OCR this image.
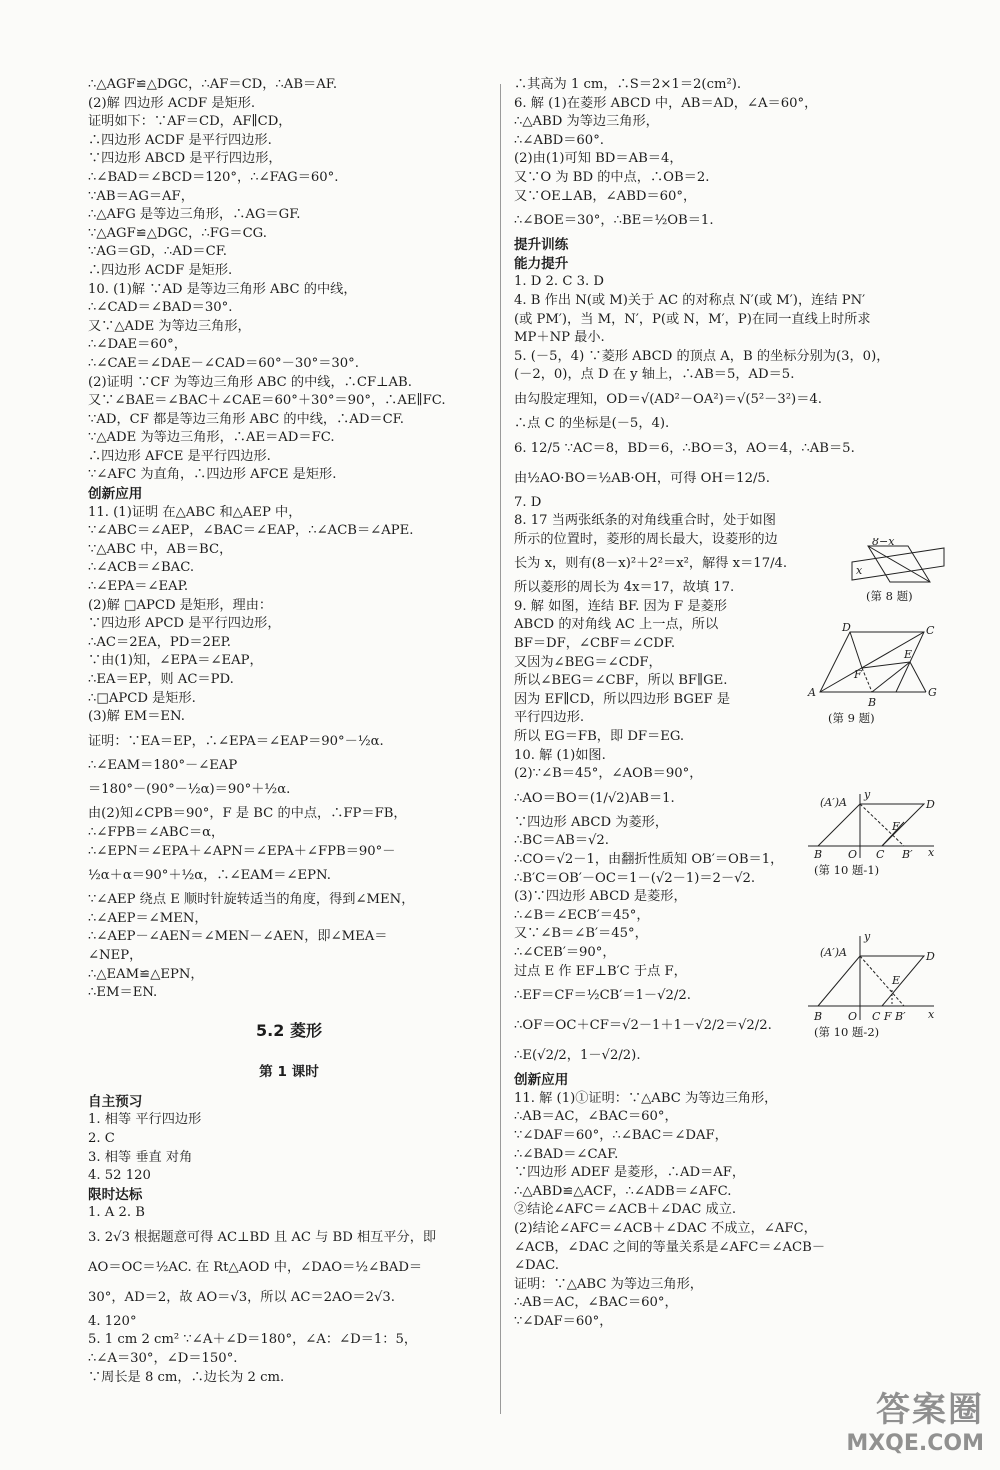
∴△AGF≌△DGC，∴AF＝CD，∴AB＝AF.
(2)解 四边形 ACDF 是矩形.
证明如下：∵AF＝CD，AF∥CD，
∴四边形 ACDF 是平行四边形.
∵四边形 ABCD 是平行四边形，
∴∠BAD＝∠BCD＝120°，∴∠FAG＝60°.
∵AB＝AG＝AF，
∴△AFG 是等边三角形，∴AG＝GF.
∵△AGF≌△DGC，∴FG＝CG.
∵AG＝GD，∴AD＝CF.
∴四边形 ACDF 是矩形.
10. (1)解 ∵AD 是等边三角形 ABC 的中线，
∴∠CAD＝∠BAD＝30°.
又∵△ADE 为等边三角形，
∴∠DAE＝60°，
∴∠CAE＝∠DAE－∠CAD＝60°－30°＝30°.
(2)证明 ∵CF 为等边三角形 ABC 的中线，∴CF⊥AB.
又∵∠BAE＝∠BAC＋∠CAE＝60°＋30°＝90°，∴AE∥FC.
∵AD，CF 都是等边三角形 ABC 的中线，∴AD＝CF.
∵△ADE 为等边三角形，∴AE＝AD＝FC.
∴四边形 AFCE 是平行四边形.
∵∠AFC 为直角，∴四边形 AFCE 是矩形.
创新应用
11. (1)证明 在△ABC 和△AEP 中，
∵∠ABC＝∠AEP，∠BAC＝∠EAP，∴∠ACB＝∠APE.
∵△ABC 中，AB＝BC，
∴∠ACB＝∠BAC.
∴∠EPA＝∠EAP.
(2)解 □APCD 是矩形，理由：
∵四边形 APCD 是平行四边形，
∴AC＝2EA，PD＝2EP.
∵由(1)知，∠EPA＝∠EAP，
∴EA＝EP，则 AC＝PD.
∴□APCD 是矩形.
(3)解 EM＝EN.
证明：∵EA＝EP，∴∠EPA＝∠EAP＝90°－½α.
∴∠EAM＝180°－∠EAP
＝180°－(90°－½α)＝90°＋½α.
由(2)知∠CPB＝90°，F 是 BC 的中点，∴FP＝FB，
∴∠FPB＝∠ABC＝α，
∴∠EPN＝∠EPA＋∠APN＝∠EPA＋∠FPB＝90°－
½α＋α＝90°＋½α，∴∠EAM＝∠EPN.
∵∠AEP 绕点 E 顺时针旋转适当的角度，得到∠MEN，
∴∠AEP＝∠MEN，
∴∠AEP－∠AEN＝∠MEN－∠AEN，即∠MEA＝
∠NEP，
∴△EAM≌△EPN，
∴EM＝EN.
5.2 菱形
第 1 课时
自主预习
1. 相等 平行四边形
2. C
3. 相等 垂直 对角
4. 52 120
限时达标
1. A 2. B
3. 2√3 根据题意可得 AC⊥BD 且 AC 与 BD 相互平分，即
AO＝OC＝½AC. 在 Rt△AOD 中，∠DAO＝½∠BAD＝
30°，AD＝2，故 AO＝√3，所以 AC＝2AO＝2√3.
4. 120°
5. 1 cm 2 cm² ∵∠A＋∠D＝180°，∠A：∠D＝1：5，
∴∠A＝30°，∠D＝150°.
∵周长是 8 cm，∴边长为 2 cm.
∴其高为 1 cm，∴S＝2×1＝2(cm²).
6. 解 (1)在菱形 ABCD 中，AB＝AD，∠A＝60°，
∴△ABD 为等边三角形，
∴∠ABD＝60°.
(2)由(1)可知 BD＝AB＝4，
又∵O 为 BD 的中点，∴OB＝2.
又∵OE⊥AB，∠ABD＝60°，
∴∠BOE＝30°，∴BE＝½OB＝1.
提升训练
能力提升
1. D 2. C 3. D
4. B 作出 N(或 M)关于 AC 的对称点 N′(或 M′)，连结 PN′
(或 PM′)，当 M，N′，P(或 N，M′，P)在同一直线上时所求
MP＋NP 最小.
5. (－5，4) ∵菱形 ABCD 的顶点 A，B 的坐标分别为(3，0)，
(－2，0)，点 D 在 y 轴上，∴AB＝5，AD＝5.
由勾股定理知，OD＝√(AD²－OA²)＝√(5²－3²)＝4.
∴点 C 的坐标是(－5，4).
6. 12/5 ∵AC＝8，BD＝6，∴BO＝3，AO＝4，∴AB＝5.
由½AO·BO＝½AB·OH，可得 OH＝12/5.
7. D
8. 17 当两张纸条的对角线重合时，处于如图
所示的位置时，菱形的周长最大，设菱形的边
长为 x，则有(8－x)²＋2²＝x²，解得 x＝17/4.
所以菱形的周长为 4x＝17，故填 17.
9. 解 如图，连结 BF. 因为 F 是菱形
ABCD 的对角线 AC 上一点，所以
BF＝DF，∠CBF＝∠CDF.
又因为∠BEG＝∠CDF，
所以∠BEG＝∠CBF，所以 BF∥GE.
因为 EF∥CD，所以四边形 BGEF 是
平行四边形.
所以 EG＝FB，即 DF＝EG.
10. 解 (1)如图.
(2)∵∠B＝45°，∠AOB＝90°，
∴AO＝BO＝(1/√2)AB＝1.
∵四边形 ABCD 为菱形，
∴BC＝AB＝√2.
∴CO＝√2－1，由翻折性质知 OB′＝OB＝1，
∴B′C＝OB′－OC＝1－(√2－1)＝2－√2.
(3)∵四边形 ABCD 是菱形，
∴∠B＝∠ECB′＝45°，
又∵∠B＝∠B′＝45°，
∴∠CEB′＝90°，
过点 E 作 EF⊥B′C 于点 F，
∴EF＝CF＝½CB′＝1－√2/2.
∴OF＝OC＋CF＝√2－1＋1－√2/2＝√2/2.
∴E(√2/2，1－√2/2).
创新应用
11. 解 (1)①证明：∵△ABC 为等边三角形，
∴AB＝AC，∠BAC＝60°，
∵∠DAF＝60°，∴∠BAC＝∠DAF，
∴∠BAD＝∠CAF.
∵四边形 ADEF 是菱形，∴AD＝AF，
∴△ABD≌△ACF，∴∠ADB＝∠AFC.
②结论∠AFC＝∠ACB＋∠DAC 成立.
(2)结论∠AFC＝∠ACB＋∠DAC 不成立，∠AFC，
∠ACB，∠DAC 之间的等量关系是∠AFC＝∠ACB－
∠DAC.
证明：∵△ABC 为等边三角形，
∴AB＝AC，∠BAC＝60°，
∵∠DAF＝60°，
8−x
x
(第 8 题)
D	C
A
B
F
E
G
(第 9 题)
(A′)A	D
E
B O C B′ x
y
(第 10 题-1)
(A′)A	D
E
B O C F B′ x
y
(第 10 题-2)
答案圈
MXQE.COM
